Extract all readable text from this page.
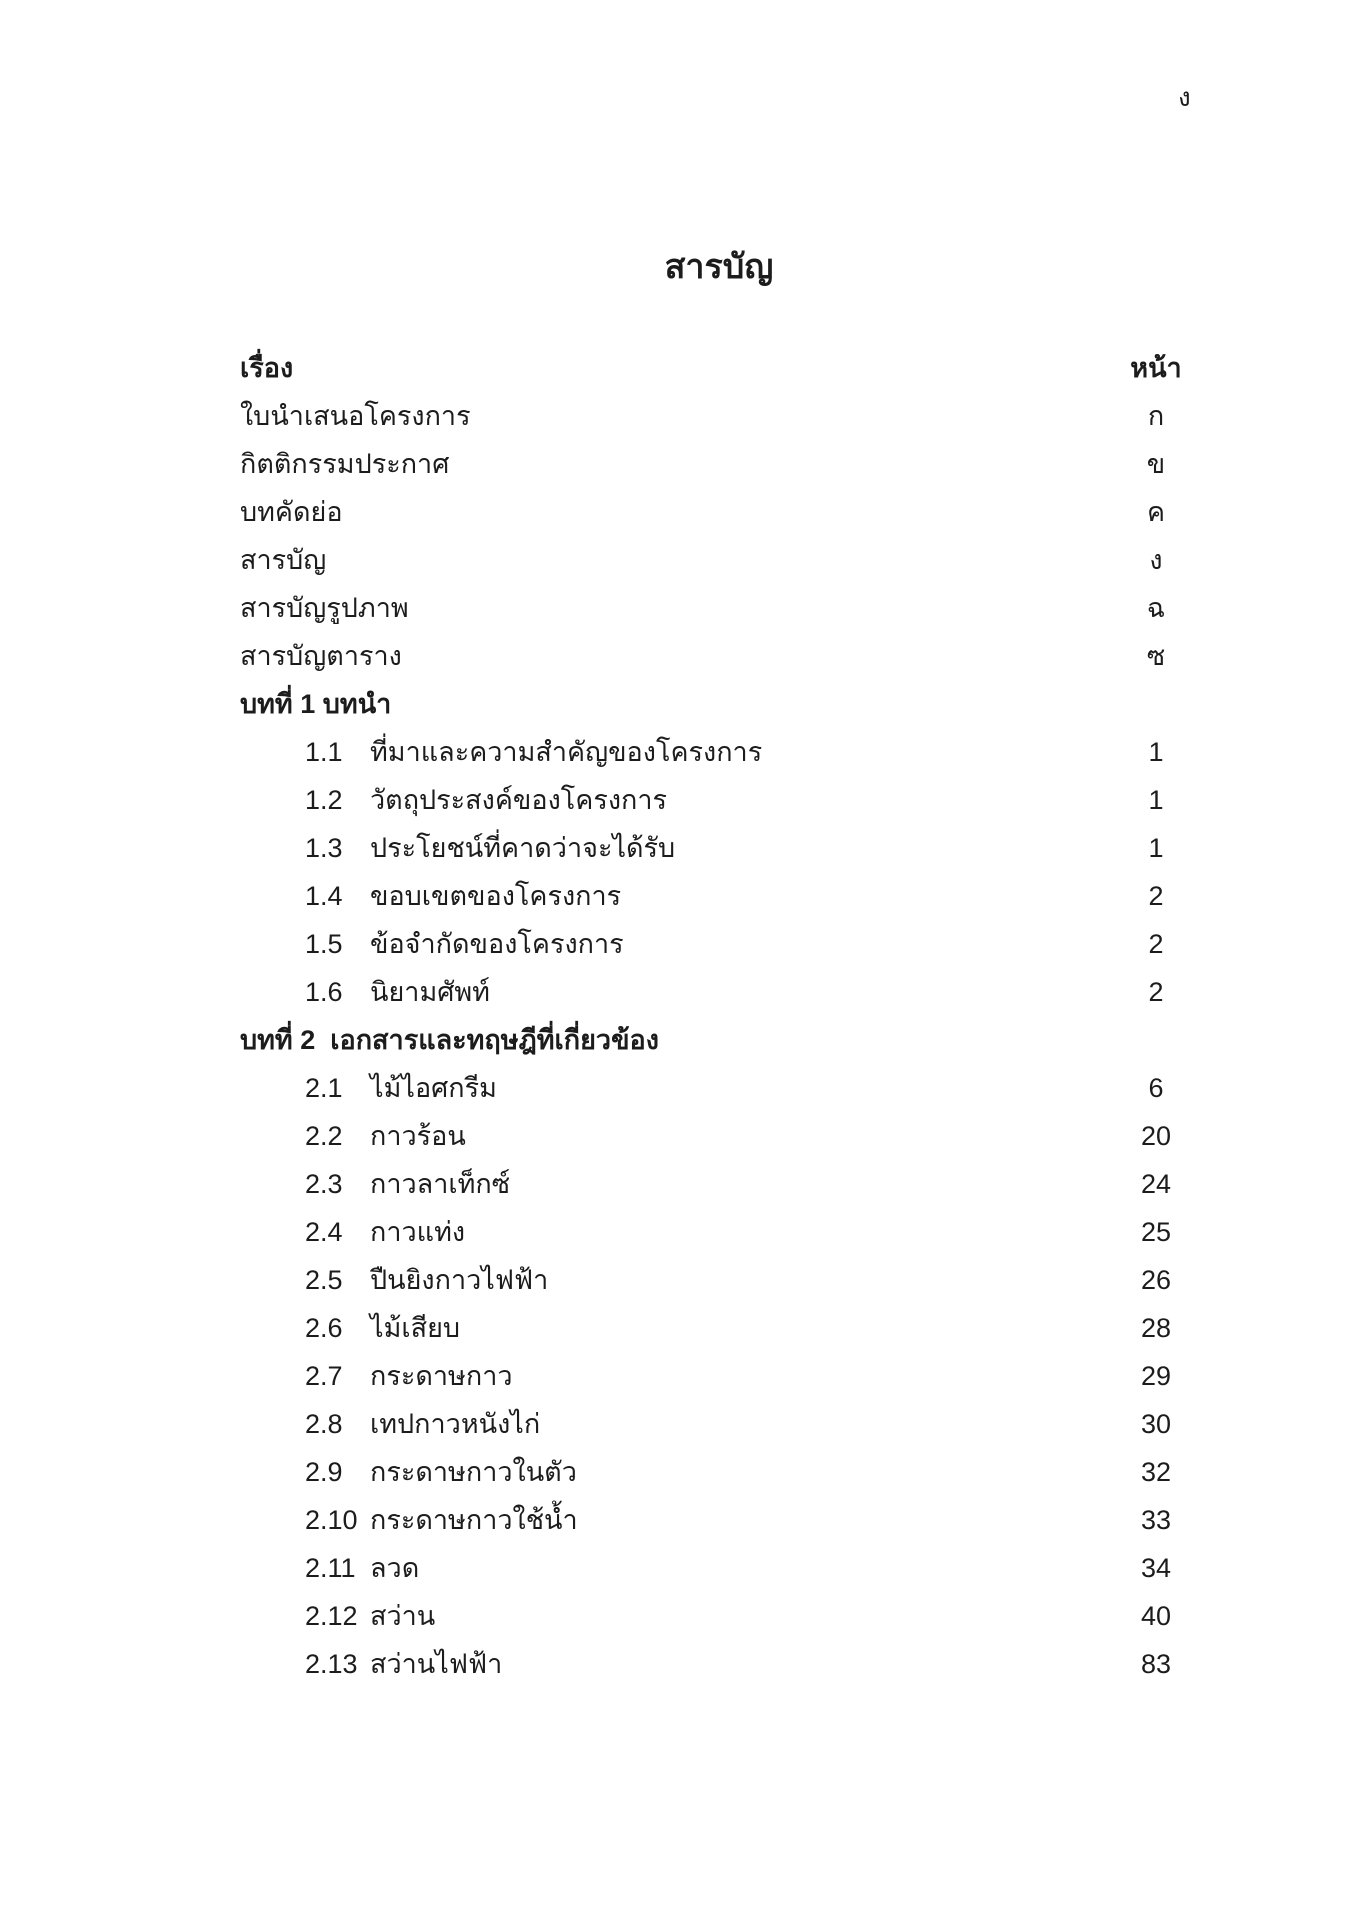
ง
สารบัญ
เรื่อง	หน้า
ใบนำเสนอโครงการ	ก
กิตติกรรมประกาศ	ข
บทคัดย่อ	ค
สารบัญ	ง
สารบัญรูปภาพ	ฉ
สารบัญตาราง	ซ
บทที่ 1 บทนำ
1.1	ที่มาและความสำคัญของโครงการ	1
1.2	วัตถุประสงค์ของโครงการ	1
1.3	ประโยชน์ที่คาดว่าจะได้รับ	1
1.4	ขอบเขตของโครงการ	2
1.5	ข้อจำกัดของโครงการ	2
1.6	นิยามศัพท์	2
บทที่ 2  เอกสารและทฤษฎีที่เกี่ยวข้อง
2.1	ไม้ไอศกรีม	6
2.2	กาวร้อน	20
2.3	กาวลาเท็กซ์	24
2.4	กาวแท่ง	25
2.5	ปืนยิงกาวไฟฟ้า	26
2.6	ไม้เสียบ	28
2.7	กระดาษกาว	29
2.8	เทปกาวหนังไก่	30
2.9	กระดาษกาวในตัว	32
2.10 กระดาษกาวใช้น้ำ	33
2.11 ลวด	34
2.12 สว่าน	40
2.13 สว่านไฟฟ้า	83
